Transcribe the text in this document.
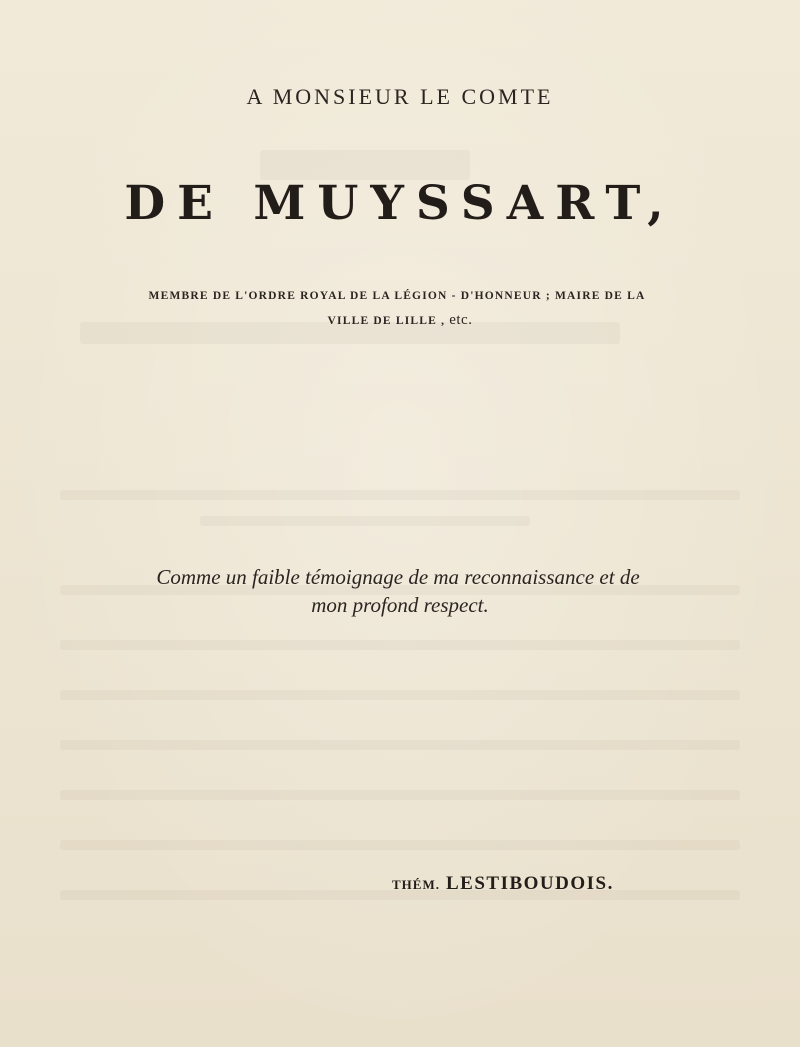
A MONSIEUR LE COMTE
DE MUYSSART,
MEMBRE DE L'ORDRE ROYAL DE LA LÉGION - D'HONNEUR ; MAIRE DE LA
VILLE DE LILLE , etc.
Comme un faible témoignage de ma reconnaissance et de
mon profond respect.
THÉM. LESTIBOUDOIS.
